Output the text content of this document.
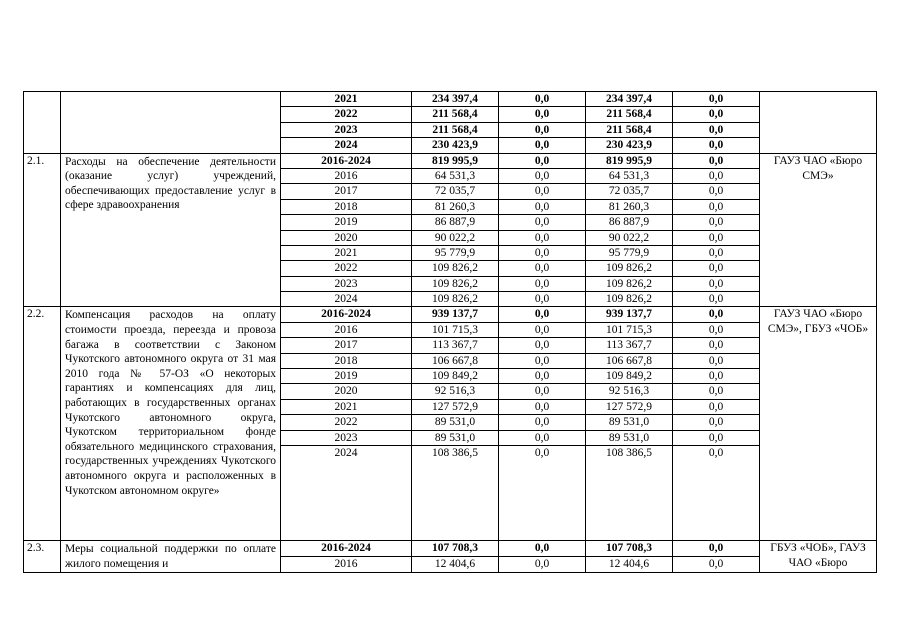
		2021	234 397,4	0,0	234 397,4	0,0	
		2022	211 568,4	0,0	211 568,4	0,0	
		2023	211 568,4	0,0	211 568,4	0,0	
		2024	230 423,9	0,0	230 423,9	0,0	
2.1.	Расходы на обеспечение деятельности (оказание услуг) учреждений, обеспечивающих предоставление услуг в сфере здравоохранения	2016-2024	819 995,9	0,0	819 995,9	0,0	ГАУЗ ЧАО «Бюро СМЭ»
		2016	64 531,3	0,0	64 531,3	0,0	
		2017	72 035,7	0,0	72 035,7	0,0	
		2018	81 260,3	0,0	81 260,3	0,0	
		2019	86 887,9	0,0	86 887,9	0,0	
		2020	90 022,2	0,0	90 022,2	0,0	
		2021	95 779,9	0,0	95 779,9	0,0	
		2022	109 826,2	0,0	109 826,2	0,0	
		2023	109 826,2	0,0	109 826,2	0,0	
		2024	109 826,2	0,0	109 826,2	0,0	
2.2.	Компенсация расходов на оплату стоимости проезда, переезда и провоза багажа в соответствии с Законом Чукотского автономного округа от 31 мая 2010 года № 57-ОЗ «О некоторых гарантиях и компенсациях для лиц, работающих в государственных органах Чукотского автономного округа, Чукотском территориальном фонде обязательного медицинского страхования, государственных учреждениях Чукотского автономного округа и расположенных в Чукотском автономном округе»	2016-2024	939 137,7	0,0	939 137,7	0,0	ГАУЗ ЧАО «Бюро СМЭ», ГБУЗ «ЧОБ»
		2016	101 715,3	0,0	101 715,3	0,0	
		2017	113 367,7	0,0	113 367,7	0,0	
		2018	106 667,8	0,0	106 667,8	0,0	
		2019	109 849,2	0,0	109 849,2	0,0	
		2020	92 516,3	0,0	92 516,3	0,0	
		2021	127 572,9	0,0	127 572,9	0,0	
		2022	89 531,0	0,0	89 531,0	0,0	
		2023	89 531,0	0,0	89 531,0	0,0	
		2024	108 386,5	0,0	108 386,5	0,0	
2.3.	Меры социальной поддержки по оплате жилого помещения и	2016-2024	107 708,3	0,0	107 708,3	0,0	ГБУЗ «ЧОБ», ГАУЗ ЧАО «Бюро
		2016	12 404,6	0,0	12 404,6	0,0	
